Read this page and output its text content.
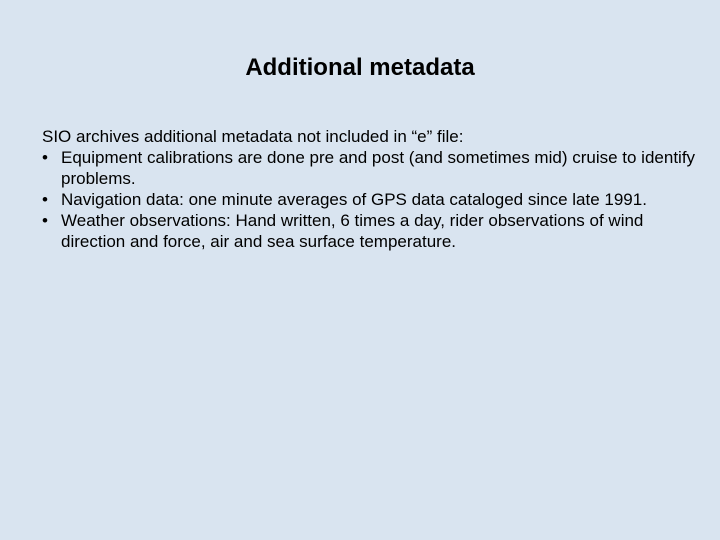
Additional metadata

SIO archives additional metadata not included in “e” file:

• Equipment calibrations are done pre and post (and sometimes mid) cruise to identify problems.
• Navigation data: one minute averages of GPS data cataloged since late 1991.
• Weather observations: Hand written, 6 times a day, rider observations of wind direction and force, air and sea surface temperature.
